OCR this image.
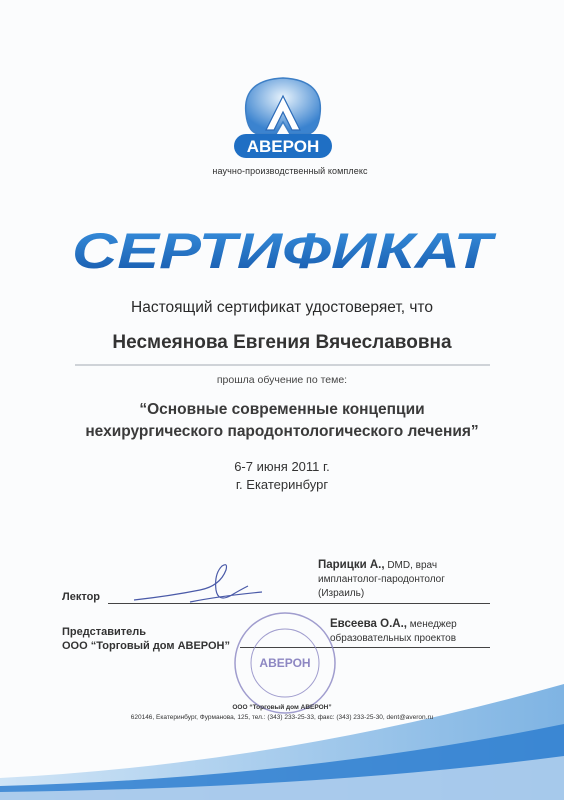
АВЕРОН
научно-производственный комплекс
СЕРТИФИКАТ
Настоящий сертификат удостоверяет, что
Несмеянова Евгения Вячеславовна
прошла обучение по теме:
“Основные современные концепции
нехирургического пародонтологического лечения”
6-7 июня 2011 г.
г. Екатеринбург
Парицки А., DMD, врач
имплантолог-пародонтолог
(Израиль)
Лектор
Представитель
ООО “Торговый дом АВЕРОН”
Евсеева О.А., менеджер
образовательных проектов
АВЕРОН
ООО “Торговый дом АВЕРОН”
620146, Екатеринбург, Фурманова, 125, тел.: (343) 233-25-33, факс: (343) 233-25-30, dent@averon.ru
